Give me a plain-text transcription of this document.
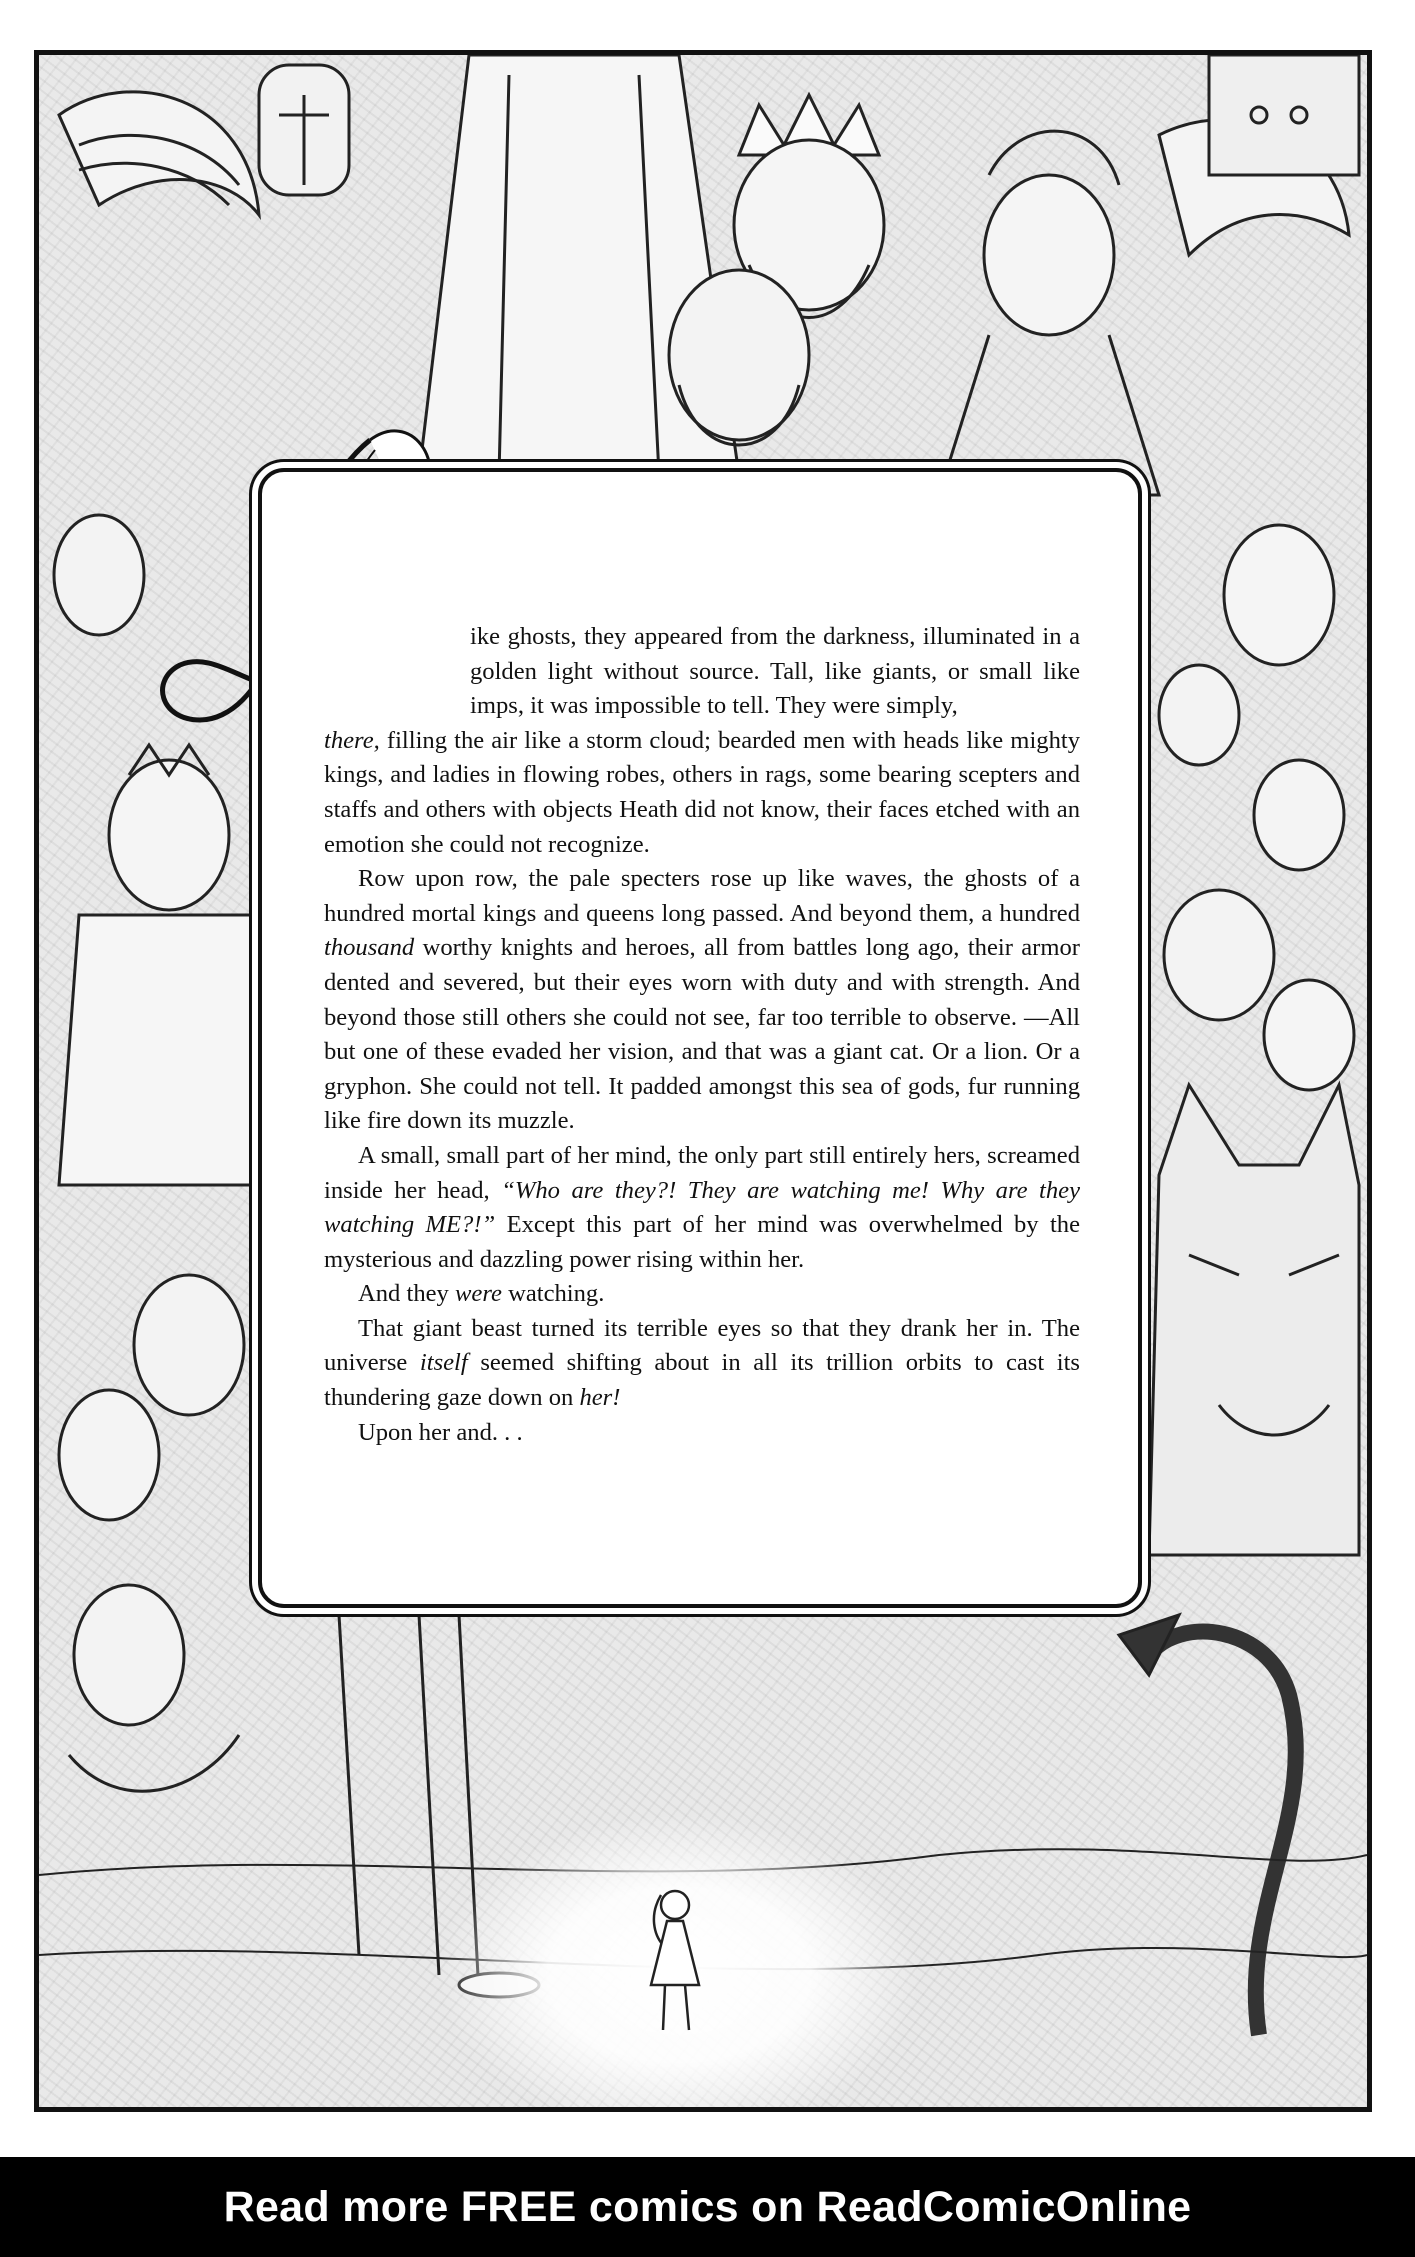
ike ghosts, they appeared from the darkness, illuminated in a golden light without source. Tall, like giants, or small like imps, it was impossible to tell. They were simply,
there, filling the air like a storm cloud; bearded men with heads like mighty kings, and ladies in flowing robes, others in rags, some bearing scepters and staffs and others with objects Heath did not know, their faces etched with an emotion she could not recognize.

Row upon row, the pale specters rose up like waves, the ghosts of a hundred mortal kings and queens long passed. And beyond them, a hundred thousand worthy knights and heroes, all from battles long ago, their armor dented and severed, but their eyes worn with duty and with strength. And beyond those still others she could not see, far too terrible to observe. —All but one of these evaded her vision, and that was a giant cat. Or a lion. Or a gryphon. She could not tell. It padded amongst this sea of gods, fur running like fire down its muzzle.

A small, small part of her mind, the only part still entirely hers, screamed inside her head, “Who are they?! They are watching me! Why are they watching ME?!” Except this part of her mind was overwhelmed by the mysterious and dazzling power rising within her.

And they were watching.

That giant beast turned its terrible eyes so that they drank her in. The universe itself seemed shifting about in all its trillion orbits to cast its thundering gaze down on her!

Upon her and. . .

Read more FREE comics on ReadComicOnline
